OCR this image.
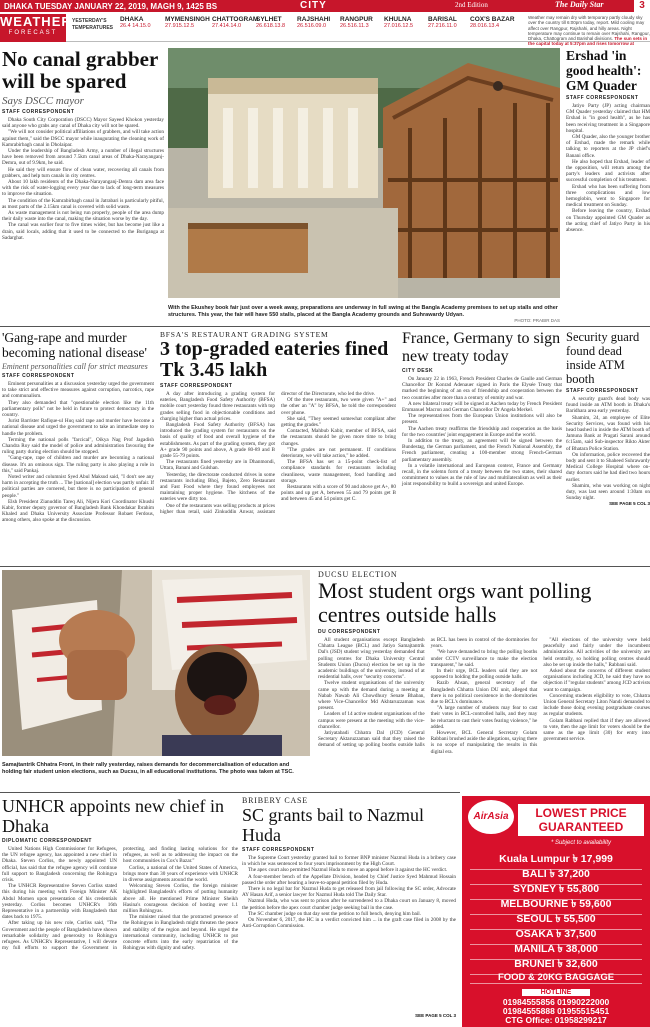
DHAKA TUESDAY JANUARY 22, 2019, MAGH 9, 1425 BS	CITY	2nd Edition	The Daily Star	3
WEATHER
FORECAST
YESTERDAY'S TEMPERATURES
DHAKA
26.4 14.15.0
MYMENSINGH
27.915.12.5
CHATTOGRAM
27.414.14.0
SYLHET
26.618.13.8
RAJSHAHI
26.516.09.0
RANGPUR
26.516.11.3
KHULNA
27.016.12.5
BARISAL
27.216.11.0
COX'S BAZAR
28.016.13.4
Weather may remain dry with temporary partly cloudy sky over the country till 6:00pm today, report. Mild cooling may affect over Rangpur, Rajshahi, and hilly areas. Night temperature may continue to remain over Rajshahi, Rangpur, Dhaka, Chattogram and Barishal divisions. The sun sets in the capital today at 5:37pm and rises tomorrow at
No canal grabber will be spared
Says DSCC mayor
STAFF CORRESPONDENT

Dhaka South City Corporation (DSCC) Mayor Sayeed Khokon yesterday said anyone who grabs any canal of Dhaka city will not be spared.

"We will not consider political affiliations of grabbers, and will take action against them," said the DSCC mayor while inaugurating the cleaning work of Kamrabirbagh canal in Dholaipar.

Under the leadership of Bangladesh Army, a number of illegal structures have been removed from around 7.5km canal areas of Dhaka-Narayanganj-Demra, out of 9.9km, he said.

He said they will ensure flow of clean water, recovering all canals from grabbers, and help turn canals in city centres.

About 10 lakh residents of the Dhaka-Narayanganj-Demra dam area face with the risk of water-logging every year due to lack of long-term measures to improve the situation.

The condition of the Kamrabirbagh canal in Jatrabari is particularly pitiful, as most parts of the 2.15km canal is covered with solid waste.

As waste management is not being run properly, people of the area dump their daily waste into the canal, making the situation worse by the day.

The canal was earlier four to five times wider, but has become just like a drain, said locals, adding that it used to be connected to the Buriganga at Sadarghat.

With the Ekushey book fair just over a week away, preparations are underway in full swing at the Bangla Academy premises to set up stalls and other structures. This year, the fair will have 550 stalls, placed at the Bangla Academy grounds and Suhrawardy Udyan.
PHOTO: PRABIR DAS
Ershad 'in good health': GM Quader
STAFF CORRESPONDENT

Jatiyo Party (JP) acting chairman GM Quader yesterday claimed that HM Ershad is "in good health", as he has been receiving treatment in a Singapore hospital.

GM Quader, also the younger brother of Ershad, made the remark while talking to reporters at the JP chief's Banani office.

He also hoped that Ershad, leader of the opposition, will return among the party's leaders and activists after successful completion of his treatment.

Ershad who has been suffering from three complications and low hemoglobin, went to Singapore for medical treatment on Sunday.

Before leaving the country, Ershad on Thursday appointed GM Quader as the acting chief of Jatiyo Party in his absence.

'Gang-rape and murder becoming national disease'
Eminent personalities call for strict measures
STAFF CORRESPONDENT

Eminent personalities at a discussion yesterday urged the government to take strict and effective measures against corruption, narcotics, rape and communalism.

They also demanded that "questionable election like the 11th parliamentary polls" not be held in future to protect democracy in the country.

Jurist Barrister Rafique-ul Huq said rape and murder have become a national disease and urged the government to take an immediate step to handle the problem.

Terming the national polls "farcical", Oikya Nag Prof Jagadish Chandra Roy said the model of police and administration favouring the ruling party during election should be stopped.

"Gang-rape, rape of children and murder are becoming a national disease. It's an ominous sign. The ruling party is also playing a role in this," said Pankaj.

Noted writer and columnist Syed Abul Maksud said, "I don't see any harm in accepting the truth ... The [national] election was partly unfair. If political parties are cornered, but there is no participation of general people."

Elsh President Zianuddin Tareq Ali, Nijera Kori Coordinator Khushi Kabir, former deputy governor of Bangladesh Bank Khondakar Ibrahim Khaled and Dhaka University Associate Professor Robaet Ferdous, among others, also spoke at the discussion.

BFSA'S RESTAURANT GRADING SYSTEM
3 top-graded eateries fined Tk 3.45 lakh
STAFF CORRESPONDENT

A day after introducing a grading system for eateries, Bangladesh Food Safety Authority (BFSA) mobile court yesterday found three restaurants with top grades selling food in objectionable conditions and charging higher than actual prices.

Bangladesh Food Safety Authority (BFSA) has introduced the grading system for restaurants on the basis of quality of food and overall hygiene of the establishments. As part of the grading system, they got A+ grade 90 points and above, A grade 80-89 and B grade 55-79 points.

The restaurants fined yesterday are in Dhanmondi, Uttara, Banani and Gulshan.

Yesterday, the directorate conducted drives in some restaurants including Bhoj, Bajeto, Zero Restaurant and Fast Food where they found employees not maintaining proper hygiene. The kitchens of the eateries were dirty too.

One of the restaurants was selling products at prices higher than retail, said Zinkuddin Anwar, assistant director of the Directorate, who led the drive.

Of the three restaurants, two were given "A+" and the other an "A" by BFSA, he told the correspondent over phone.

She said, "They seemed somewhat compliant after getting the grades."

Contacted, Mahbub Kabir, member of BFSA, said the restaurants should be given more time to bring changes.

"The grades are not permanent. If conditions deteriorate, we will take action," he added.

The BFSA has set a 15-point check-list of compliance standards for restaurants including cleanliness, waste management, food handling and storage.

Restaurants with a score of 90 and above get A+, 80 points and up get A, between 55 and 79 points get B and between 45 and 54 points get C.

France, Germany to sign new treaty today
CITY DESK

On January 22 in 1963, French President Charles de Gaulle and German Chancellor Dr Konrad Adenauer signed in Paris the Elysée Treaty that marked the beginning of an era of friendship and cooperation between the two countries after more than a century of enmity and war.

A new bilateral treaty will be signed at Aachen today by French President Emmanuel Macron and German Chancellor Dr Angela Merkel.

The representatives from the European Union institutions will also be present.

The Aachen treaty reaffirms the friendship and cooperation as the basis for the two countries' joint engagement in Europe and the world.

In addition to the treaty, an agreement will be signed between the Bundestag, the German parliament, and the French National Assembly, the French parliament, creating a 100-member strong French-German parliamentary assembly.

In a volatile international and European context, France and Germany recall, in the solemn form of a treaty between the two states, their shared commitment to values as the rule of law and multilateralism as well as their joint responsibility to build a sovereign and united Europe.

Security guard found dead inside ATM booth
STAFF CORRESPONDENT

A security guard's dead body was found inside an ATM booth in Dhaka's Baridhara area early yesterday.

Shamim, 24, an employee of Elite Security Services, was found with his head bashed in inside the ATM booth of Jamuna Bank at Pragati Sarani around 6:15am, said Sub-inspector Rikto Akter of Bhatara Police Station.

On information, police recovered the body and sent it to Shaheed Suhrawardy Medical College Hospital where on-duty doctors said he had died two hours earlier.

Shamim, who was working on night duty, was last seen around 1:30am on Sunday night.

SEE PAGE 5 COL 3
Samajtantrik Chhatra Front, in their rally yesterday, raises demands for decommercialisation of education and holding fair student union elections, such as Ducsu, in all educational institutions. The photo was taken at TSC.
DUCSU ELECTION
Most student orgs want polling centres outside halls
DU CORRESPONDENT

All student organisations except Bangladesh Chhatra League (BCL) and Jatiyo Samajtantrik Dal's (JSD) student wing yesterday demanded that polling centres for Dhaka University Central Students Union (Ducsu) election be set up in the academic buildings of the university, instead of at residential halls, over "security concerns".

Twelve student organisations of the university came up with the demand during a meeting at Nabab Nawab Ali Chowdhury Senate Bhaban, where Vice-Chancellor Md Akhtaruzzaman was present.

Leaders of 14 active student organisations of the campus were present at the meeting with the vice-chancellor.

Jatiyatabadi Chhatra Dal (JCD) General Secretary Aktaruzzaman said that they raised the demand of setting up polling booths outside halls as BCL has been in control of the dormitories for years.

"We have demanded to bring the polling booths under CCTV surveillance to make the election transparent," he said.

In their urge, BCL leaders said they are not opposed to holding the polling outside halls.

Razib Ahsan, general secretary of the Bangladesh Chhatra Union DU unit, alleged that there is no political coexistence in the dormitories due to BCL's dominance.

"A large number of students may fear to cast their votes in BCL-controlled halls, and they may be reluctant to cast their votes fearing violence," he added.

However, BCL General Secretary Golam Rabbani brushed aside the allegations, saying there is no scope of manipulating the results in this digital era.

"All elections of the university were held peacefully and fairly under the incumbent administration. All activities of the university are held centrally, so holding polling centres should also be set up inside the halls," Rabbani said.

Asked about the concerns of different student organisations including JCD, he said they have no objection if "regular students" among JCD activists want to campaign.

Concerning students eligibility to vote, Chhatra Union General Secretary Liton Nandi demanded to include those doing evening postgraduate courses as regular students.

Golam Rabbani replied that if they are allowed to vote, then the age limit for voters should be the same as the age limit (30) for entry into government service.

UNHCR appoints new chief in Dhaka
DIPLOMATIC CORRESPONDENT

United Nations High Commissioner for Refugees, the UN refugee agency, has appointed a new chief in Dhaka. Steven Corliss, the newly appointed UN official, has said that the refugee agency will continue full support to Bangladesh concerning the Rohingya crisis.

The UNHCR Representative Steven Corliss stated this during his meeting with Foreign Minister AK Abdul Momen upon presentation of his credentials yesterday. Corliss becomes UNHCR's 16th Representative in a partnership with Bangladesh that dates back to 1975.

After taking up his new role, Corliss said, "The Government and the people of Bangladesh have shown remarkable solidarity and generosity to Rohingya refugees. As UNHCR's Representative, I will devote my full efforts to support the Government in protecting, and finding lasting solutions for the refugees, as well as to addressing the impact on the host communities in Cox's Bazar."

Corliss, a national of the United States of America, brings more than 30 years of experience with UNHCR in diverse assignments around the world.

Welcoming Steven Corliss, the foreign minister highlighted Bangladesh's efforts of putting humanity above all. He mentioned Prime Minister Sheikh Hasina's courageous decision of hosting over 1.1 million Rohingyas.

The minister raised that the protracted presence of the Rohingyas in Bangladesh might threaten the peace and stability of the region and beyond. He urged the international community, including UNHCR to put concrete efforts into the early repatriation of the Rohingyas with dignity and safety.

BRIBERY CASE
SC grants bail to Nazmul Huda
STAFF CORRESPONDENT

The Supreme Court yesterday granted bail to former BNP minister Nazmul Huda in a bribery case in which he was sentenced to four years imprisonment by the High Court.

The apex court also permitted Nazmul Huda to move an appeal before it against the HC verdict.

A four-member bench of the Appellate Division, headed by Chief Justice Syed Mahmud Hossain passed the order after hearing a leave-to-appeal petition filed by Huda.

There is no legal bar for Nazmul Huda to get released from jail following the SC order, Advocate AY Hasan Arif, a senior lawyer for Nazmul Huda told The Daily Star.

Nazmul Huda, who was sent to prison after he surrendered to a Dhaka court on January 8, moved the petition before the apex court chamber judge seeking bail in the case.

The SC chamber judge on that day sent the petition to full bench, denying him bail.

On November 6, 2017, the HC in a verdict convicted him ... in the graft case filed in 2008 by the Anti-Corruption Commission.

SEE PAGE 5 COL 3
AirAsia	LOWEST PRICE
GUARANTEED
* Subject to availability
Kuala Lumpur ৳ 17,999
BALI ৳ 37,200
SYDNEY ৳ 55,800
MELBOURNE ৳ 59,600
SEOUL ৳ 55,500
OSAKA ৳ 37,500
MANILA ৳ 38,000
BRUNEI ৳ 32,600
FOOD & 20KG BAGGAGE
HOTLINE
01984555856 01990222000
01984555888 01955515451
CTG Office: 01958299217
